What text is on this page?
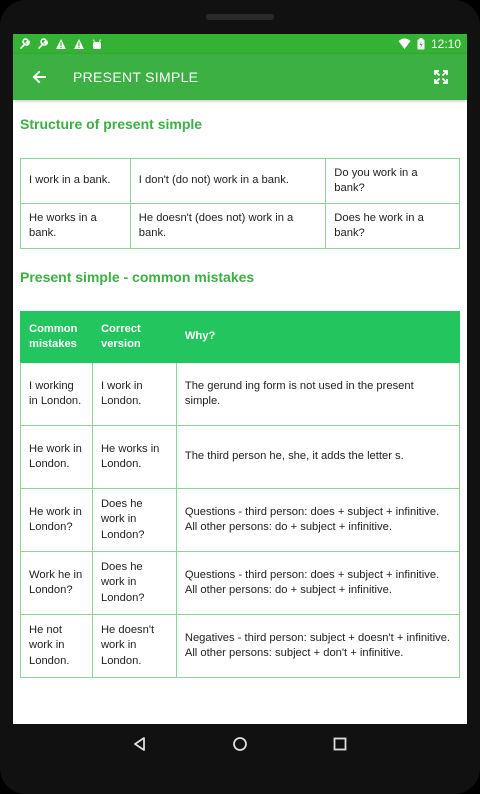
12:10
PRESENT SIMPLE
Structure of present simple
I work in a bank.	I don't (do not) work in a bank.	Do you work in a bank?
He works in a bank.	He doesn't (does not) work in a bank.	Does he work in a bank?
Present simple - common mistakes
Common mistakes	Correct version	Why?
I working in London.	I work in London.	The gerund ing form is not used in the present simple.
He work in London.	He works in London.	The third person he, she, it adds the letter s.
He work in London?	Does he work in London?	Questions - third person: does + subject + infinitive. All other persons: do + subject + infinitive.
Work he in London?	Does he work in London?	Questions - third person: does + subject + infinitive. All other persons: do + subject + infinitive.
He not work in London.	He doesn't work in London.	Negatives - third person: subject + doesn't + infinitive. All other persons: subject + don't + infinitive.
